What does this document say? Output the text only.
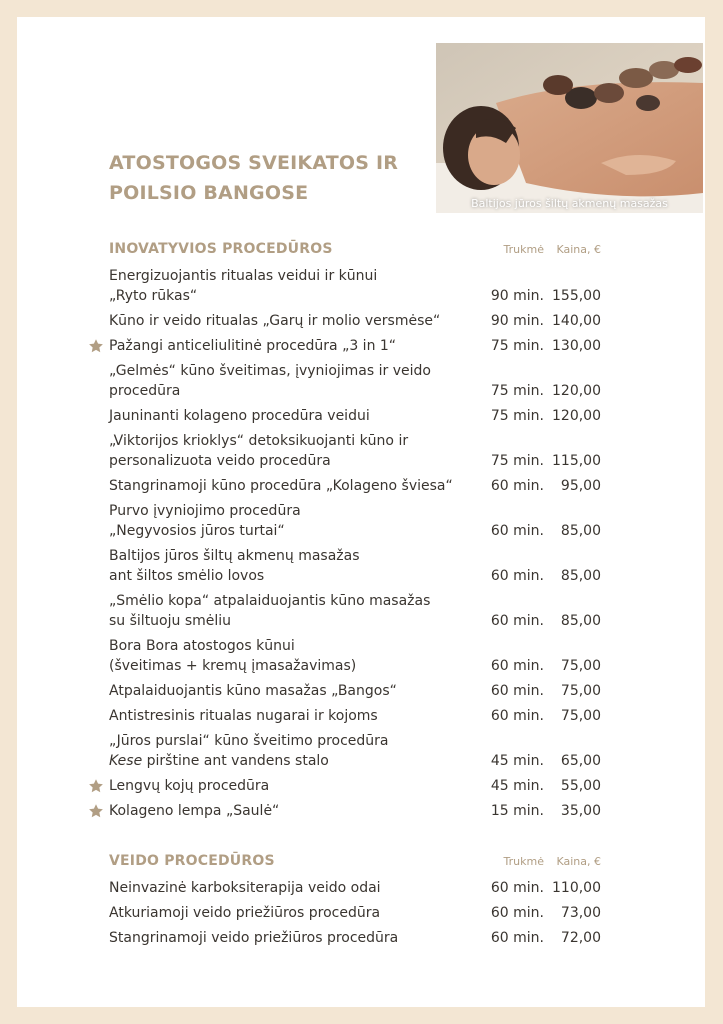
ATOSTOGOS SVEIKATOS IR
POILSIO BANGOSE	Baltijos jūros šiltų akmenų masažas
INOVATYVIOS PROCEDŪROS	Trukmė Kaina, €
Energizuojantis ritualas veidui ir kūnui
„Ryto rūkas“	90 min. 155,00
Kūno ir veido ritualas „Garų ir molio versmėse“	90 min. 140,00
Pažangi anticeliulitinė procedūra „3 in 1“	75 min. 130,00
„Gelmės“ kūno šveitimas, įvyniojimas ir veido
procedūra	75 min. 120,00
Jauninanti kolageno procedūra veidui	75 min. 120,00
„Viktorijos krioklys“ detoksikuojanti kūno ir
personalizuota veido procedūra	75 min. 115,00
Stangrinamoji kūno procedūra „Kolageno šviesa“	60 min. 95,00
Purvo įvyniojimo procedūra
„Negyvosios jūros turtai“	60 min. 85,00
Baltijos jūros šiltų akmenų masažas
ant šiltos smėlio lovos	60 min. 85,00
„Smėlio kopa“ atpalaiduojantis kūno masažas
su šiltuoju smėliu	60 min. 85,00
Bora Bora atostogos kūnui
(šveitimas + kremų įmasažavimas)	60 min. 75,00
Atpalaiduojantis kūno masažas „Bangos“	60 min. 75,00
Antistresinis ritualas nugarai ir kojoms	60 min. 75,00
„Jūros purslai“ kūno šveitimo procedūra
Kese pirštine ant vandens stalo	45 min. 65,00
Lengvų kojų procedūra	45 min. 55,00
Kolageno lempa „Saulė“	15 min. 35,00
VEIDO PROCEDŪROS	Trukmė Kaina, €
Neinvazinė karboksiterapija veido odai	60 min. 110,00
Atkuriamoji veido priežiūros procedūra	60 min. 73,00
Stangrinamoji veido priežiūros procedūra	60 min. 72,00
